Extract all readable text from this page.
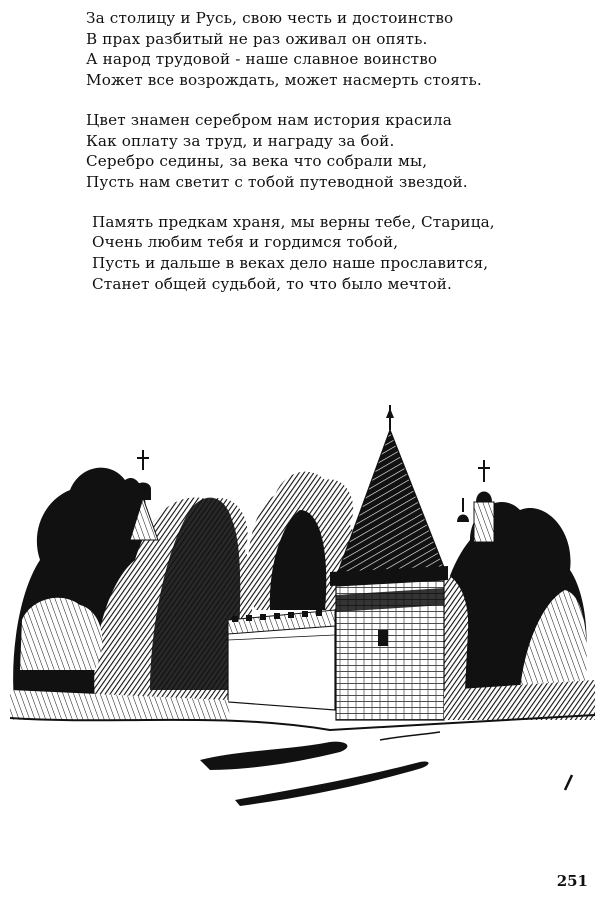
За столицу и Русь, свою честь и достоинство
В прах разбитый не раз оживал он опять.
А народ трудовой - наше славное воинство
Может все возрождать, может насмерть стоять.
Цвет знамен серебром нам история красила
Как оплату за труд, и награду за бой.
Серебро седины, за века что собрали мы,
Пусть нам светит с тобой путеводной звездой.
Память предкам храня, мы верны тебе, Старица,
Очень любим тебя и гордимся тобой,
Пусть и дальше в веках дело наше прославится,
Станет общей судьбой, то что было мечтой.
251
